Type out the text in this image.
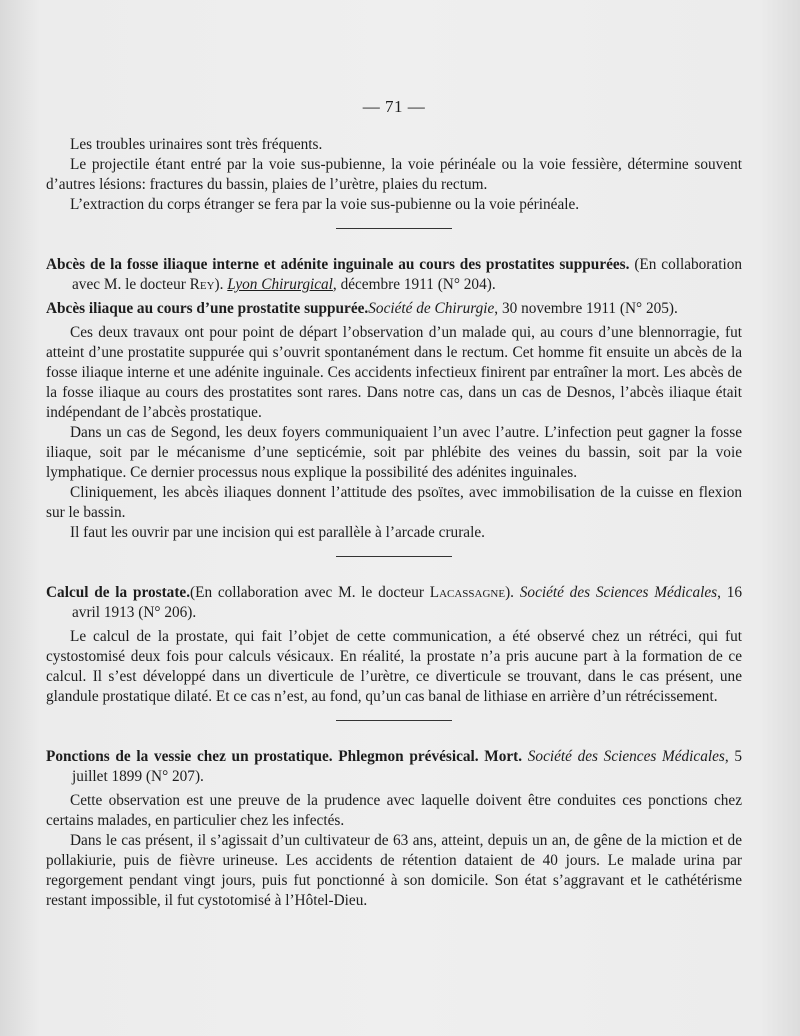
— 71 —

Les troubles urinaires sont très fréquents.

Le projectile étant entré par la voie sus-pubienne, la voie périnéale ou la voie fessière, détermine souvent d’autres lésions: fractures du bassin, plaies de l’urètre, plaies du rectum.

L’extraction du corps étranger se fera par la voie sus-pubienne ou la voie périnéale.

Abcès de la fosse iliaque interne et adénite inguinale au cours des prostatites suppurées. (En collaboration avec M. le docteur Rey). Lyon Chirurgical, décembre 1911 (N° 204).

Abcès iliaque au cours d’une prostatite suppurée.Société de Chirurgie, 30 novembre 1911 (N° 205).

Ces deux travaux ont pour point de départ l’observation d’un malade qui, au cours d’une blennorragie, fut atteint d’une prostatite suppurée qui s’ouvrit spontanément dans le rectum. Cet homme fit ensuite un abcès de la fosse iliaque interne et une adénite inguinale. Ces accidents infectieux finirent par entraîner la mort. Les abcès de la fosse iliaque au cours des prostatites sont rares. Dans notre cas, dans un cas de Desnos, l’abcès iliaque était indépendant de l’abcès prostatique.

Dans un cas de Segond, les deux foyers communiquaient l’un avec l’autre. L’infection peut gagner la fosse iliaque, soit par le mécanisme d’une septicémie, soit par phlébite des veines du bassin, soit par la voie lymphatique. Ce dernier processus nous explique la possibilité des adénites inguinales.

Cliniquement, les abcès iliaques donnent l’attitude des psoïtes, avec immobilisation de la cuisse en flexion sur le bassin.

Il faut les ouvrir par une incision qui est parallèle à l’arcade crurale.

Calcul de la prostate.(En collaboration avec M. le docteur Lacassagne). Société des Sciences Médicales, 16 avril 1913 (N° 206).

Le calcul de la prostate, qui fait l’objet de cette communication, a été observé chez un rétréci, qui fut cystostomisé deux fois pour calculs vésicaux. En réalité, la prostate n’a pris aucune part à la formation de ce calcul. Il s’est développé dans un diverticule de l’urètre, ce diverticule se trouvant, dans le cas présent, une glandule prostatique dilaté. Et ce cas n’est, au fond, qu’un cas banal de lithiase en arrière d’un rétrécissement.

Ponctions de la vessie chez un prostatique. Phlegmon prévésical. Mort. Société des Sciences Médicales, 5 juillet 1899 (N° 207).

Cette observation est une preuve de la prudence avec laquelle doivent être conduites ces ponctions chez certains malades, en particulier chez les infectés.

Dans le cas présent, il s’agissait d’un cultivateur de 63 ans, atteint, depuis un an, de gêne de la miction et de pollakiurie, puis de fièvre urineuse. Les accidents de rétention dataient de 40 jours. Le malade urina par regorgement pendant vingt jours, puis fut ponctionné à son domicile. Son état s’aggravant et le cathétérisme restant impossible, il fut cystotomisé à l’Hôtel-Dieu.
